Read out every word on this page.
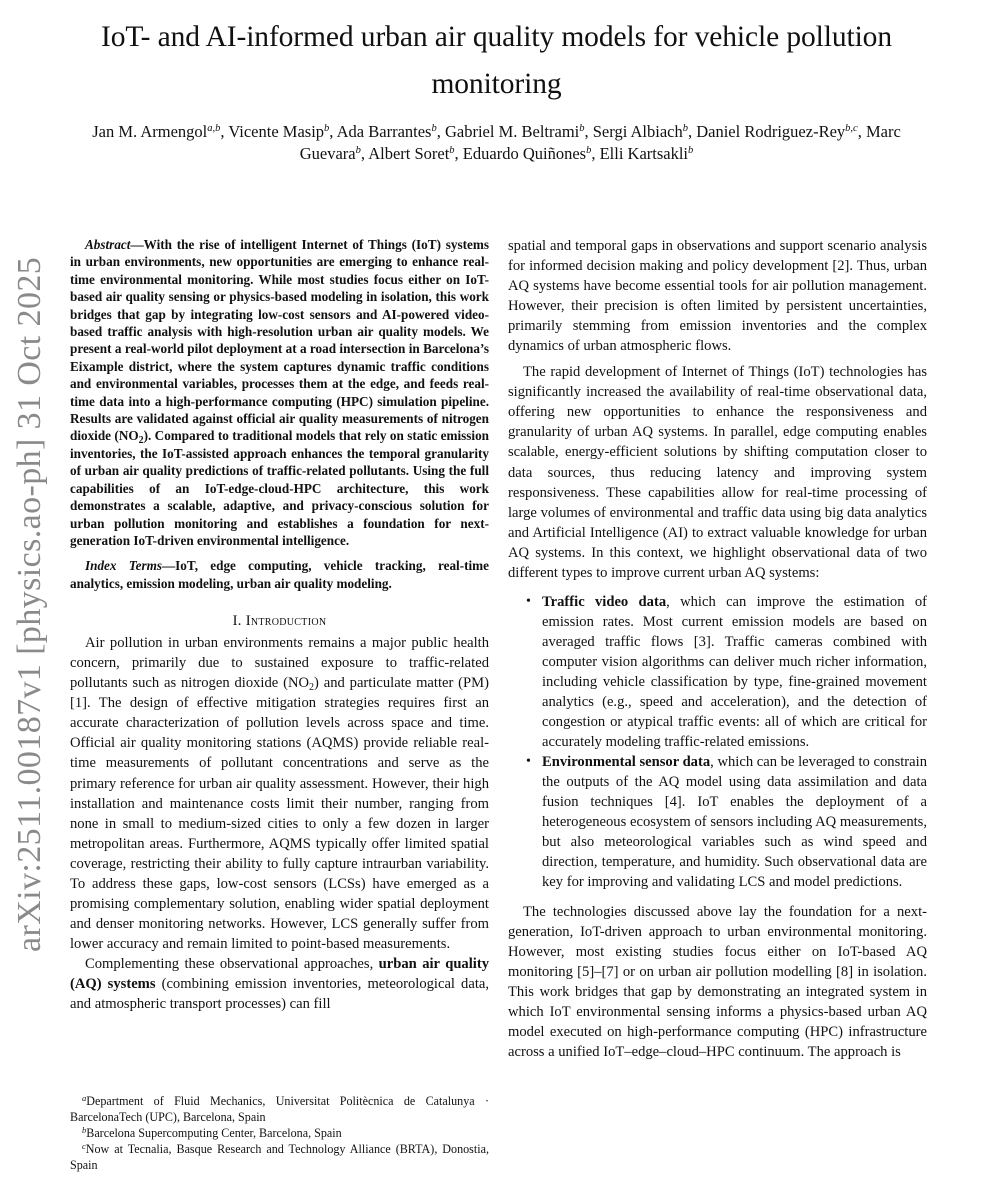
IoT- and AI-informed urban air quality models for vehicle pollution
monitoring
Jan M. Armengol$^{a,b}$, Vicente Masip$^b$, Ada Barrantes$^b$, Gabriel M. Beltrami$^b$, Sergi Albiach$^b$, Daniel Rodriguez-Rey$^{b,c}$, Marc Guevara$^b$, Albert Soret$^b$, Eduardo Quiñones$^b$, Elli Kartsakli$^b$
arXiv:2511.00187v1 [physics.ao-ph] 31 Oct 2025

Abstract—With the rise of intelligent Internet of Things (IoT) systems in urban environments, new opportunities are emerging to enhance real-time environmental monitoring. While most studies focus either on IoT-based air quality sensing or physics-based modeling in isolation, this work bridges that gap by integrating low-cost sensors and AI-powered video-based traffic analysis with high-resolution urban air quality models. We present a real-world pilot deployment at a road intersection in Barcelona’s Eixample district, where the system captures dynamic traffic conditions and environmental variables, processes them at the edge, and feeds real-time data into a high-performance computing (HPC) simulation pipeline. Results are validated against official air quality measurements of nitrogen dioxide $(NO_2)$. Compared to traditional models that rely on static emission inventories, the IoT-assisted approach enhances the temporal granularity of urban air quality predictions of traffic-related pollutants. Using the full capabilities of an IoT-edge-cloud-HPC architecture, this work demonstrates a scalable, adaptive, and privacy-conscious solution for urban pollution monitoring and establishes a foundation for next-generation IoT-driven environmental intelligence.

Index Terms—IoT, edge computing, vehicle tracking, real-time analytics, emission modeling, urban air quality modeling.

I. Introduction

Air pollution in urban environments remains a major public health concern, primarily due to sustained exposure to traffic-related pollutants such as nitrogen dioxide $(NO_2)$ and particulate matter (PM) [1]. The design of effective mitigation strategies requires first an accurate characterization of pollution levels across space and time. Official air quality monitoring stations (AQMS) provide reliable real-time measurements of pollutant concentrations and serve as the primary reference for urban air quality assessment. However, their high installation and maintenance costs limit their number, ranging from none in small to medium-sized cities to only a few dozen in larger metropolitan areas. Furthermore, AQMS typically offer limited spatial coverage, restricting their ability to fully capture intraurban variability. To address these gaps, low-cost sensors (LCSs) have emerged as a promising complementary solution, enabling wider spatial deployment and denser monitoring networks. However, LCS generally suffer from lower accuracy and remain limited to point-based measurements.

Complementing these observational approaches, urban air quality (AQ) systems (combining emission inventories, meteorological data, and atmospheric transport processes) can fill

spatial and temporal gaps in observations and support scenario analysis for informed decision making and policy development [2]. Thus, urban AQ systems have become essential tools for air pollution management. However, their precision is often limited by persistent uncertainties, primarily stemming from emission inventories and the complex dynamics of urban atmospheric flows.

The rapid development of Internet of Things (IoT) technologies has significantly increased the availability of real-time observational data, offering new opportunities to enhance the responsiveness and granularity of urban AQ systems. In parallel, edge computing enables scalable, energy-efficient solutions by shifting computation closer to data sources, thus reducing latency and improving system responsiveness. These capabilities allow for real-time processing of large volumes of environmental and traffic data using big data analytics and Artificial Intelligence (AI) to extract valuable knowledge for urban AQ systems. In this context, we highlight observational data of two different types to improve current urban AQ systems:

• Traffic video data, which can improve the estimation of emission rates. Most current emission models are based on averaged traffic flows [3]. Traffic cameras combined with computer vision algorithms can deliver much richer information, including vehicle classification by type, fine-grained movement analytics (e.g., speed and acceleration), and the detection of congestion or atypical traffic events: all of which are critical for accurately modeling traffic-related emissions.
• Environmental sensor data, which can be leveraged to constrain the outputs of the AQ model using data assimilation and data fusion techniques [4]. IoT enables the deployment of a heterogeneous ecosystem of sensors including AQ measurements, but also meteorological variables such as wind speed and direction, temperature, and humidity. Such observational data are key for improving and validating LCS and model predictions.

The technologies discussed above lay the foundation for a next-generation, IoT-driven approach to urban environmental monitoring. However, most existing studies focus either on IoT-based AQ monitoring [5]–[7] or on urban air pollution modelling [8] in isolation. This work bridges that gap by demonstrating an integrated system in which IoT environmental sensing informs a physics-based urban AQ model executed on high-performance computing (HPC) infrastructure across a unified IoT–edge–cloud–HPC continuum. The approach is

$^a$Department of Fluid Mechanics, Universitat Politècnica de Catalunya · BarcelonaTech (UPC), Barcelona, Spain

$^b$Barcelona Supercomputing Center, Barcelona, Spain

$^c$Now at Tecnalia, Basque Research and Technology Alliance (BRTA), Donostia, Spain
